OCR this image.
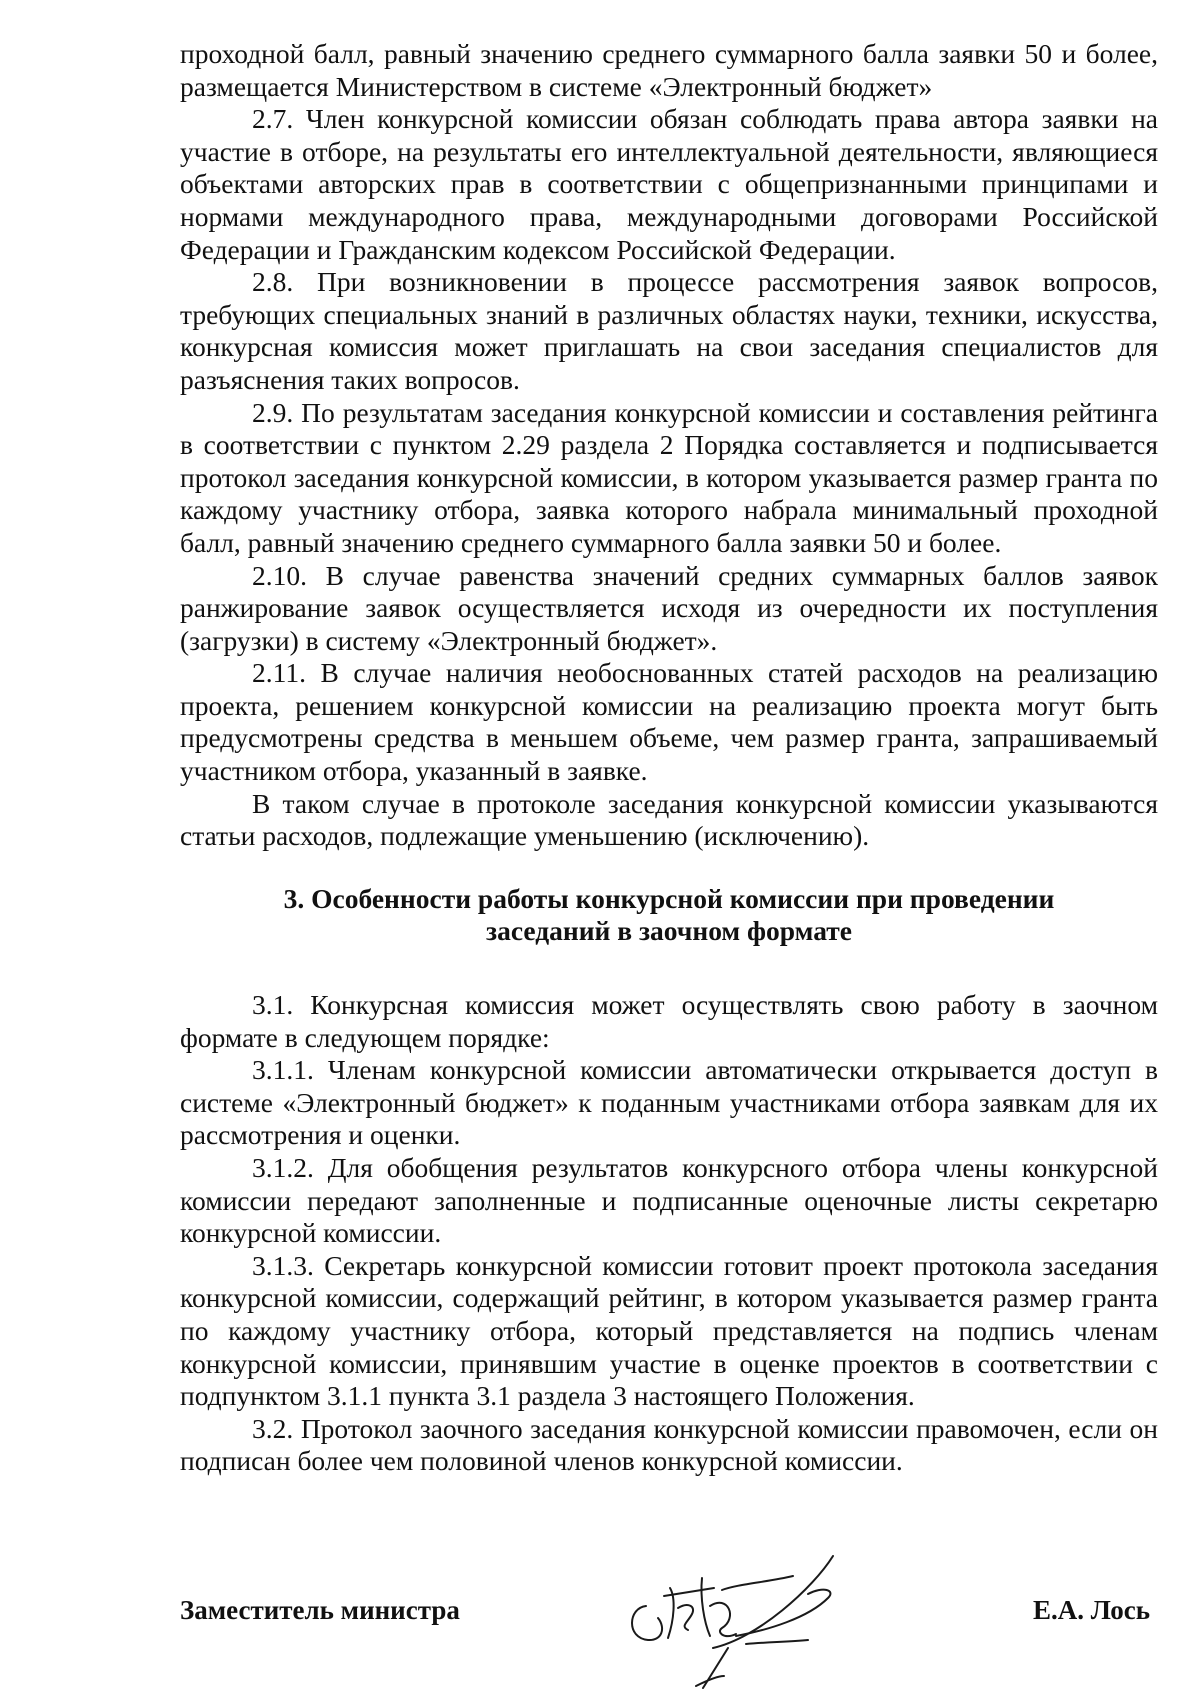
проходной балл, равный значению среднего суммарного балла заявки 50 и более, размещается Министерством в системе «Электронный бюджет»

2.7. Член конкурсной комиссии обязан соблюдать права автора заявки на участие в отборе, на результаты его интеллектуальной деятельности, являющиеся объектами авторских прав в соответствии с общепризнанными принципами и нормами международного права, международными договорами Российской Федерации и Гражданским кодексом Российской Федерации.

2.8. При возникновении в процессе рассмотрения заявок вопросов, требующих специальных знаний в различных областях науки, техники, искусства, конкурсная комиссия может приглашать на свои заседания специалистов для разъяснения таких вопросов.

2.9. По результатам заседания конкурсной комиссии и составления рейтинга в соответствии с пунктом 2.29 раздела 2 Порядка составляется и подписывается протокол заседания конкурсной комиссии, в котором указывается размер гранта по каждому участнику отбора, заявка которого набрала минимальный проходной балл, равный значению среднего суммарного балла заявки 50 и более.

2.10. В случае равенства значений средних суммарных баллов заявок ранжирование заявок осуществляется исходя из очередности их поступления (загрузки) в систему «Электронный бюджет».

2.11. В случае наличия необоснованных статей расходов на реализацию проекта, решением конкурсной комиссии на реализацию проекта могут быть предусмотрены средства в меньшем объеме, чем размер гранта, запрашиваемый участником отбора, указанный в заявке.

В таком случае в протоколе заседания конкурсной комиссии указываются статьи расходов, подлежащие уменьшению (исключению).

3. Особенности работы конкурсной комиссии при проведении
заседаний в заочном формате

3.1. Конкурсная комиссия может осуществлять свою работу в заочном формате в следующем порядке:

3.1.1. Членам конкурсной комиссии автоматически открывается доступ в системе «Электронный бюджет» к поданным участниками отбора заявкам для их рассмотрения и оценки.

3.1.2. Для обобщения результатов конкурсного отбора члены конкурсной комиссии передают заполненные и подписанные оценочные листы секретарю конкурсной комиссии.

3.1.3. Секретарь конкурсной комиссии готовит проект протокола заседания конкурсной комиссии, содержащий рейтинг, в котором указывается размер гранта по каждому участнику отбора, который представляется на подпись членам конкурсной комиссии, принявшим участие в оценке проектов в соответствии с подпунктом 3.1.1 пункта 3.1 раздела 3 настоящего Положения.

3.2. Протокол заочного заседания конкурсной комиссии правомочен, если он подписан более чем половиной членов конкурсной комиссии.

Заместитель министра	Е.А. Лось
